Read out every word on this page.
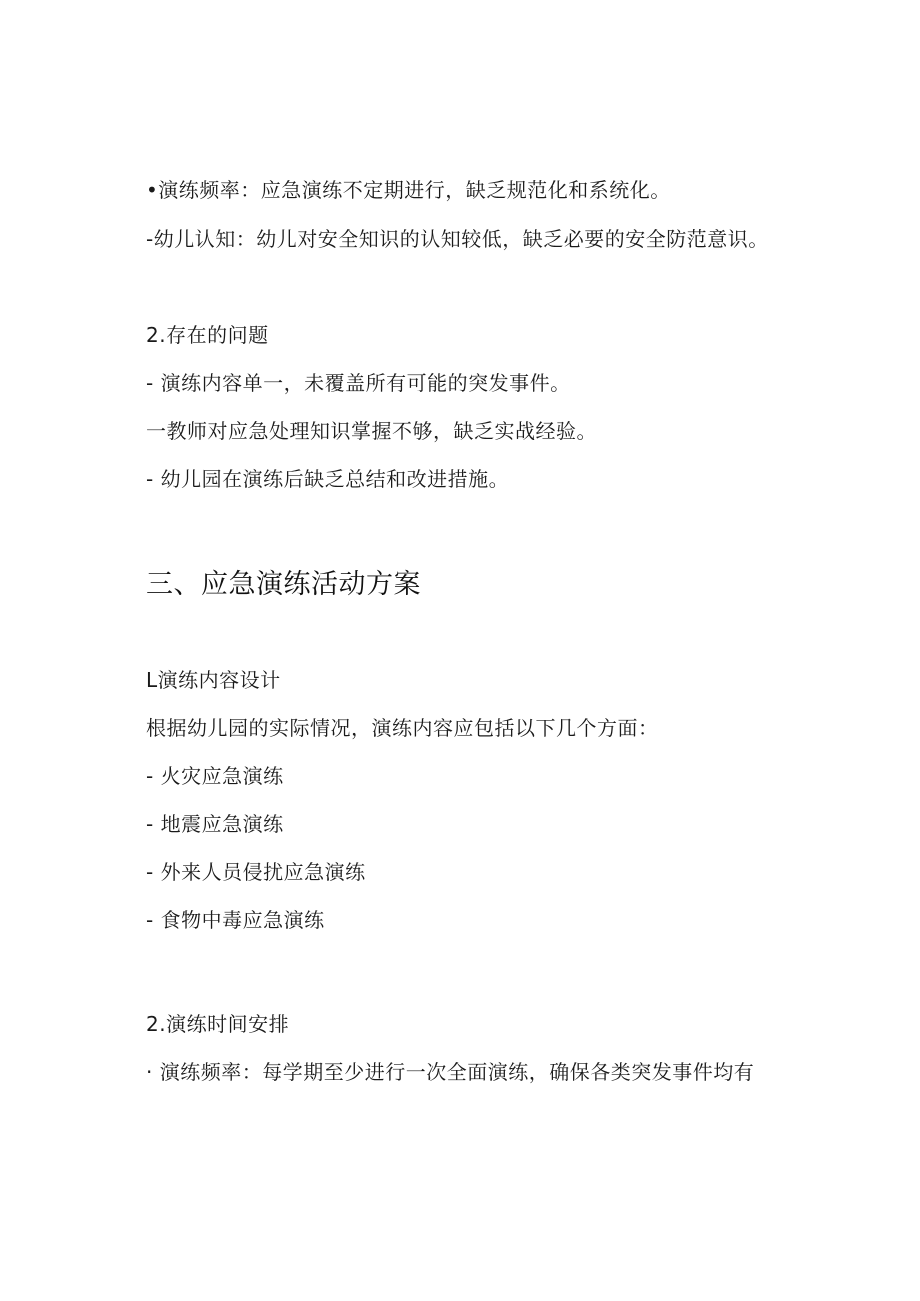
•演练频率：应急演练不定期进行，缺乏规范化和系统化。
-幼儿认知：幼儿对安全知识的认知较低，缺乏必要的安全防范意识。
2.存在的问题
- 演练内容单一，未覆盖所有可能的突发事件。
一教师对应急处理知识掌握不够，缺乏实战经验。
- 幼儿园在演练后缺乏总结和改进措施。
三、应急演练活动方案
L演练内容设计
根据幼儿园的实际情况，演练内容应包括以下几个方面：
- 火灾应急演练
- 地震应急演练
- 外来人员侵扰应急演练
- 食物中毒应急演练
2.演练时间安排
· 演练频率：每学期至少进行一次全面演练，确保各类突发事件均有
